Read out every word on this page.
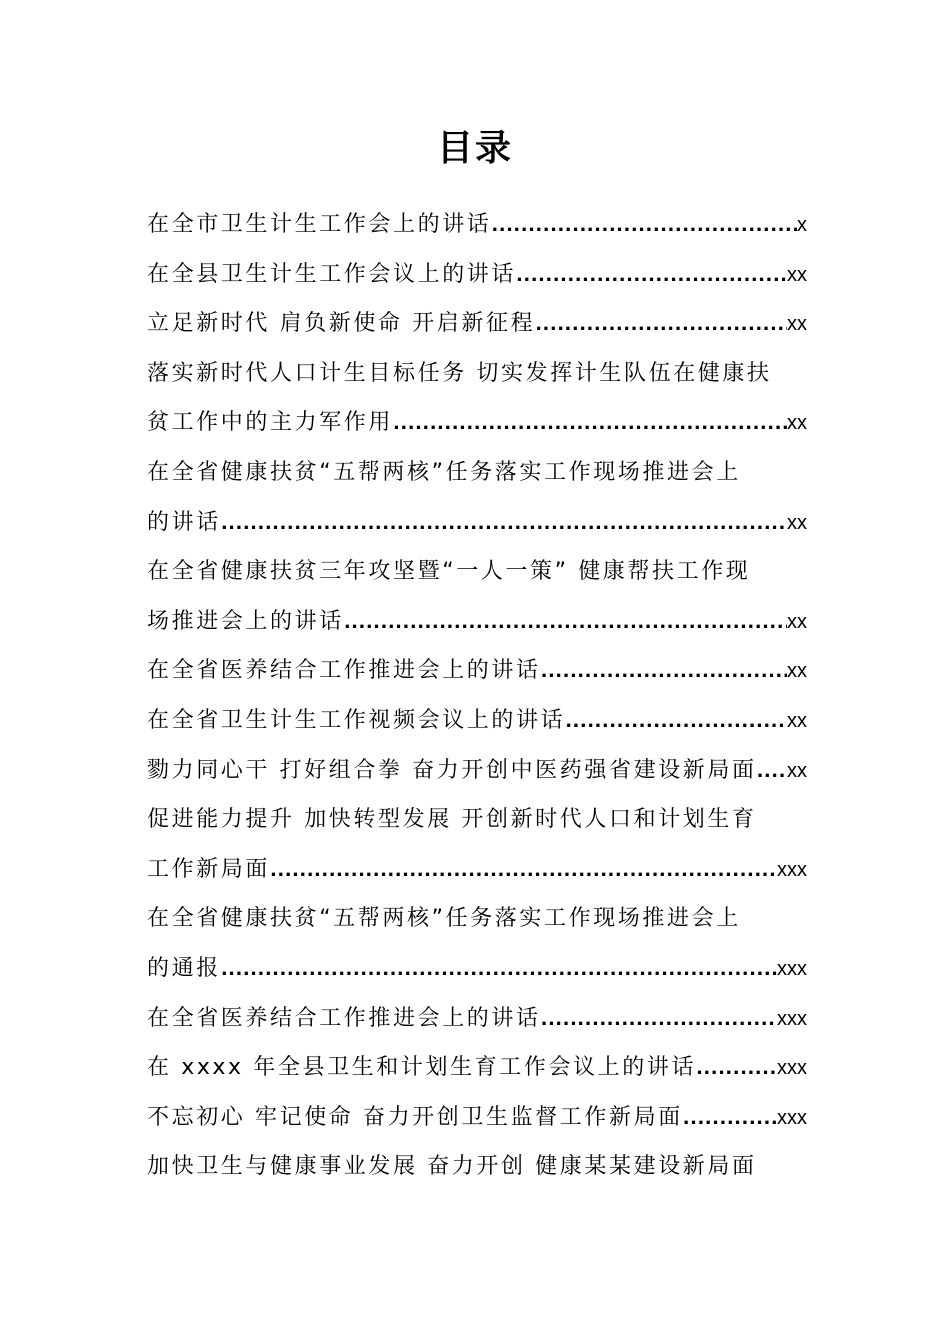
目录
在全市卫生计生工作会上的讲话 .....	x
在全县卫生计生工作会议上的讲话 .....	xx
立足新时代 肩负新使命 开启新征程 .....	xx
落实新时代人口计生目标任务 切实发挥计生队伍在健康扶
贫工作中的主力军作用 .....	xx
在全省健康扶贫“五帮两核”任务落实工作现场推进会上
的讲话 .....	xx
在全省健康扶贫三年攻坚暨“一人一策” 健康帮扶工作现
场推进会上的讲话 .....	xx
在全省医养结合工作推进会上的讲话 .....	xx
在全省卫生计生工作视频会议上的讲话 .....	xx
勠力同心干 打好组合拳 奋力开创中医药强省建设新局面 ..... xx
促进能力提升 加快转型发展 开创新时代人口和计划生育
工作新局面 .....	xxx
在全省健康扶贫“五帮两核”任务落实工作现场推进会上
的通报 .....	xxx
在全省医养结合工作推进会上的讲话 .....	xxx
在 xxxx 年全县卫生和计划生育工作会议上的讲话 .....	xxx
不忘初心 牢记使命 奋力开创卫生监督工作新局面 .....	xxx
加快卫生与健康事业发展 奋力开创 健康某某建设新局面
